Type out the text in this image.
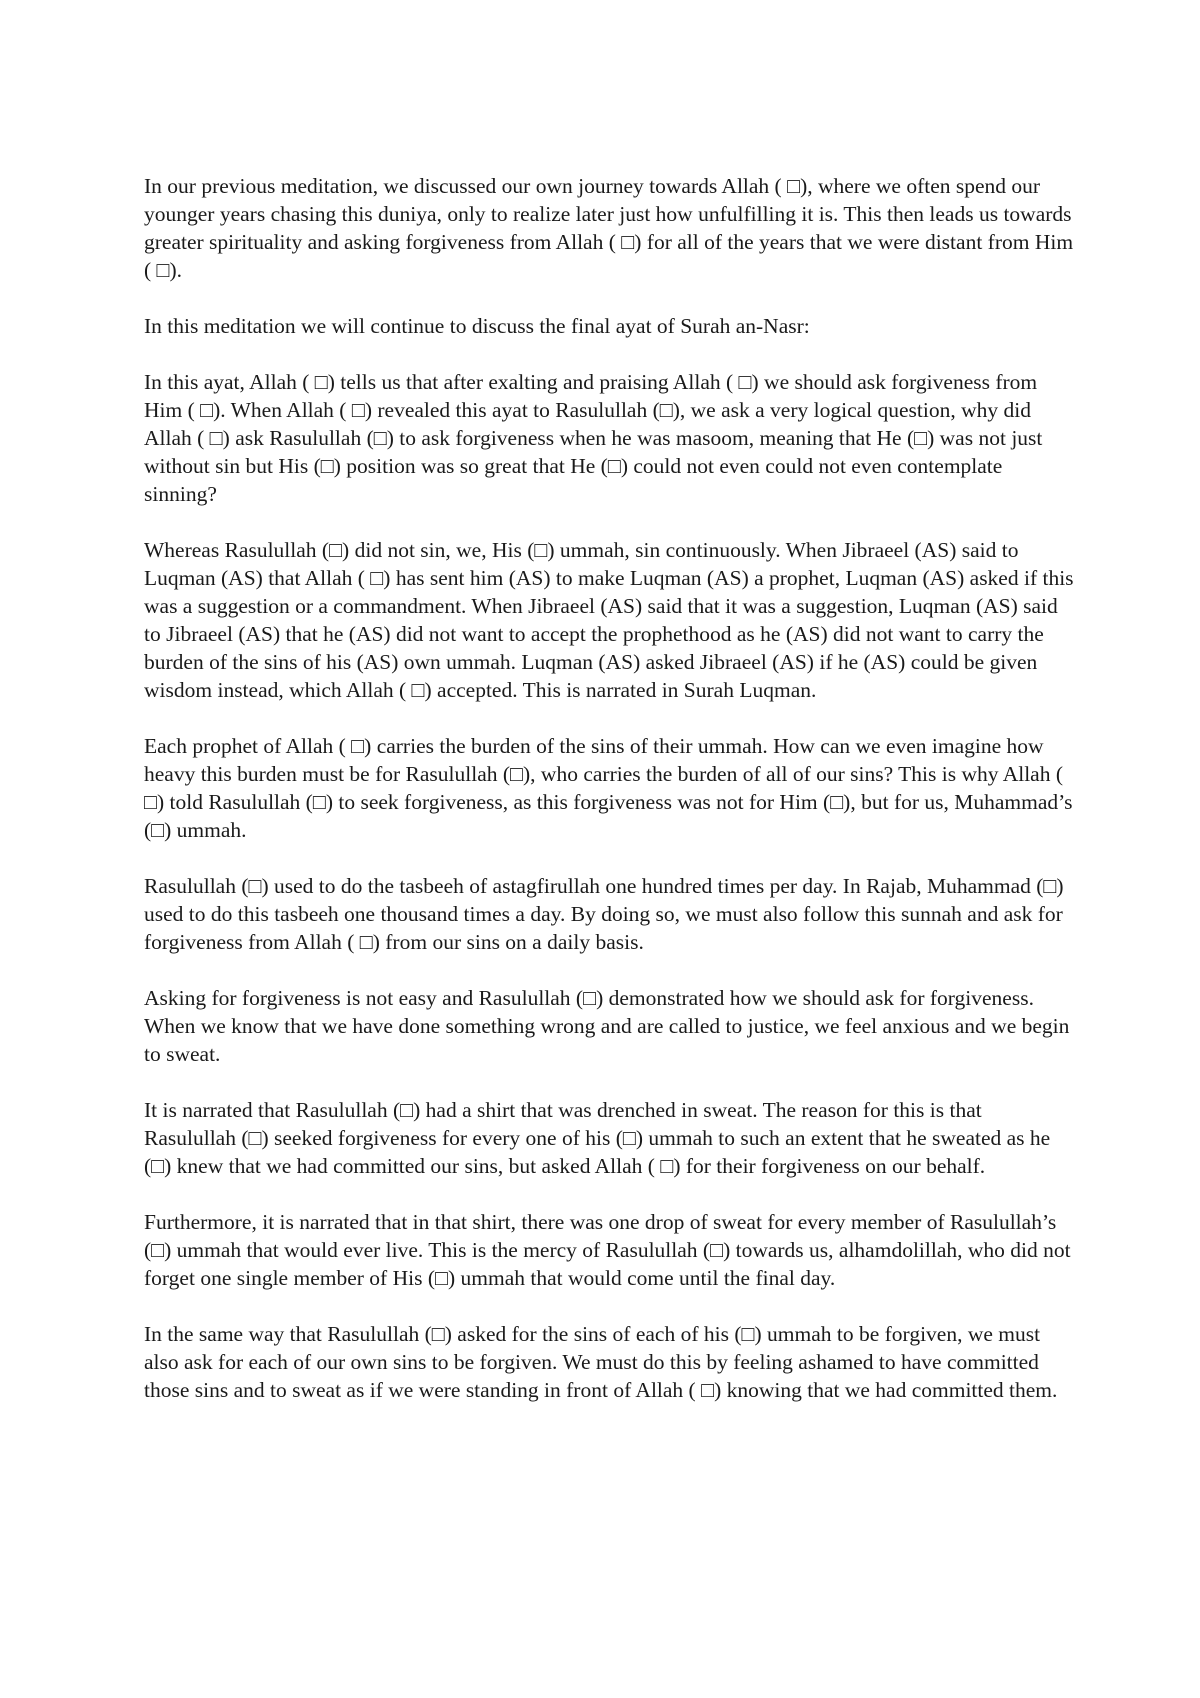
In our previous meditation, we discussed our own journey towards Allah ( □), where we often spend our younger years chasing this duniya, only to realize later just how unfulfilling it is. This then leads us towards greater spirituality and asking forgiveness from Allah ( □) for all of the years that we were distant from Him ( □).

In this meditation we will continue to discuss the final ayat of Surah an-Nasr:

In this ayat, Allah ( □) tells us that after exalting and praising Allah ( □) we should ask forgiveness from Him ( □). When Allah ( □) revealed this ayat to Rasulullah (□), we ask a very logical question, why did Allah ( □) ask Rasulullah (□) to ask forgiveness when he was masoom, meaning that He (□) was not just without sin but His (□) position was so great that He (□) could not even could not even contemplate sinning?

Whereas Rasulullah (□) did not sin, we, His (□) ummah, sin continuously. When Jibraeel (AS) said to Luqman (AS) that Allah ( □) has sent him (AS) to make Luqman (AS) a prophet, Luqman (AS) asked if this was a suggestion or a commandment. When Jibraeel (AS) said that it was a suggestion, Luqman (AS) said to Jibraeel (AS) that he (AS) did not want to accept the prophethood as he (AS) did not want to carry the burden of the sins of his (AS) own ummah. Luqman (AS) asked Jibraeel (AS) if he (AS) could be given wisdom instead, which Allah ( □) accepted. This is narrated in Surah Luqman.

Each prophet of Allah ( □) carries the burden of the sins of their ummah. How can we even imagine how heavy this burden must be for Rasulullah (□), who carries the burden of all of our sins? This is why Allah ( □) told Rasulullah (□) to seek forgiveness, as this forgiveness was not for Him (□), but for us, Muhammad’s (□) ummah.

Rasulullah (□) used to do the tasbeeh of astagfirullah one hundred times per day. In Rajab, Muhammad (□) used to do this tasbeeh one thousand times a day. By doing so, we must also follow this sunnah and ask for forgiveness from Allah ( □) from our sins on a daily basis.

Asking for forgiveness is not easy and Rasulullah (□) demonstrated how we should ask for forgiveness. When we know that we have done something wrong and are called to justice, we feel anxious and we begin to sweat.

It is narrated that Rasulullah (□) had a shirt that was drenched in sweat. The reason for this is that Rasulullah (□) seeked forgiveness for every one of his (□) ummah to such an extent that he sweated as he (□) knew that we had committed our sins, but asked Allah ( □) for their forgiveness on our behalf.

Furthermore, it is narrated that in that shirt, there was one drop of sweat for every member of Rasulullah’s (□) ummah that would ever live. This is the mercy of Rasulullah (□) towards us, alhamdolillah, who did not forget one single member of His (□) ummah that would come until the final day.

In the same way that Rasulullah (□) asked for the sins of each of his (□) ummah to be forgiven, we must also ask for each of our own sins to be forgiven. We must do this by feeling ashamed to have committed those sins and to sweat as if we were standing in front of Allah ( □) knowing that we had committed them.
